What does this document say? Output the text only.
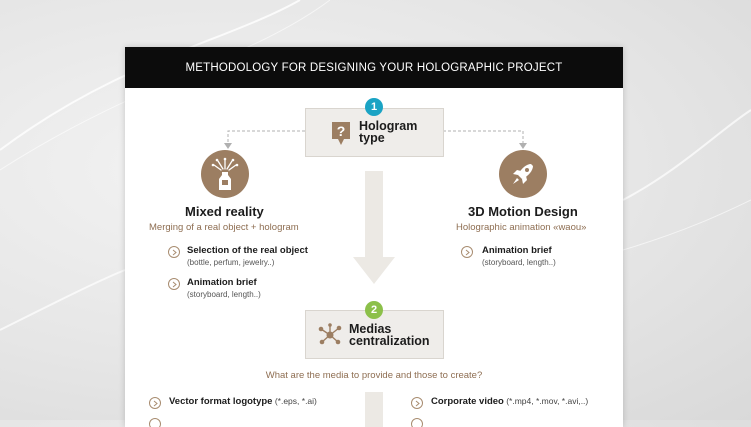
METHODOLOGY FOR DESIGNING YOUR HOLOGRAPHIC PROJECT
1
? Hologram
type
Mixed reality
Merging of a real object + hologram
Selection of the real object
(bottle, perfum, jewelry..)
Animation brief
(storyboard, length..)
3D Motion Design
Holographic animation «waou»
Animation brief
(storyboard, length..)
2
Medias
centralization
What are the media to provide and those to create?
Vector format logotype (*.eps, *.ai)	Corporate video (*.mp4, *.mov, *.avi,..)
